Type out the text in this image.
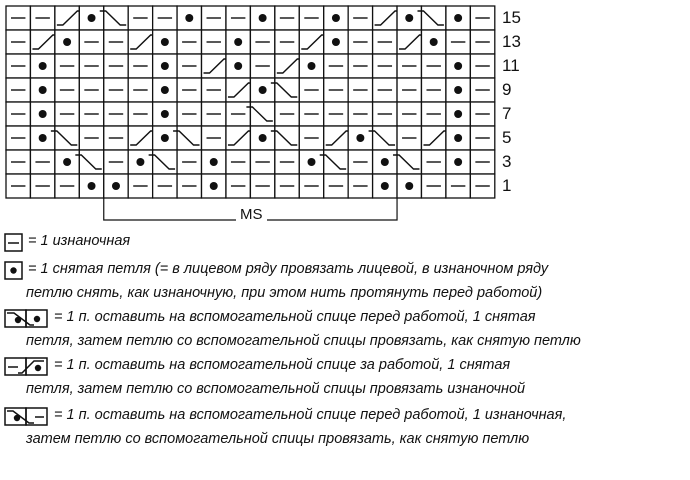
15
13
11
9
7
5
3
1
MS
= 1 изнаночная
= 1 снятая петля (= в лицевом ряду провязать лицевой, в изнаночном ряду
петлю снять, как изнаночную, при этом нить протянуть перед работой)
= 1 п. оставить на вспомогательной спице перед работой, 1 снятая
петля, затем петлю со вспомогательной спицы провязать, как снятую петлю
= 1 п. оставить на вспомогательной спице за работой, 1 снятая
петля, затем петлю со вспомогательной спицы провязать изнаночной
= 1 п. оставить на вспомогательной спице перед работой, 1 изнаночная,
затем петлю со вспомогательной спицы провязать, как снятую петлю
